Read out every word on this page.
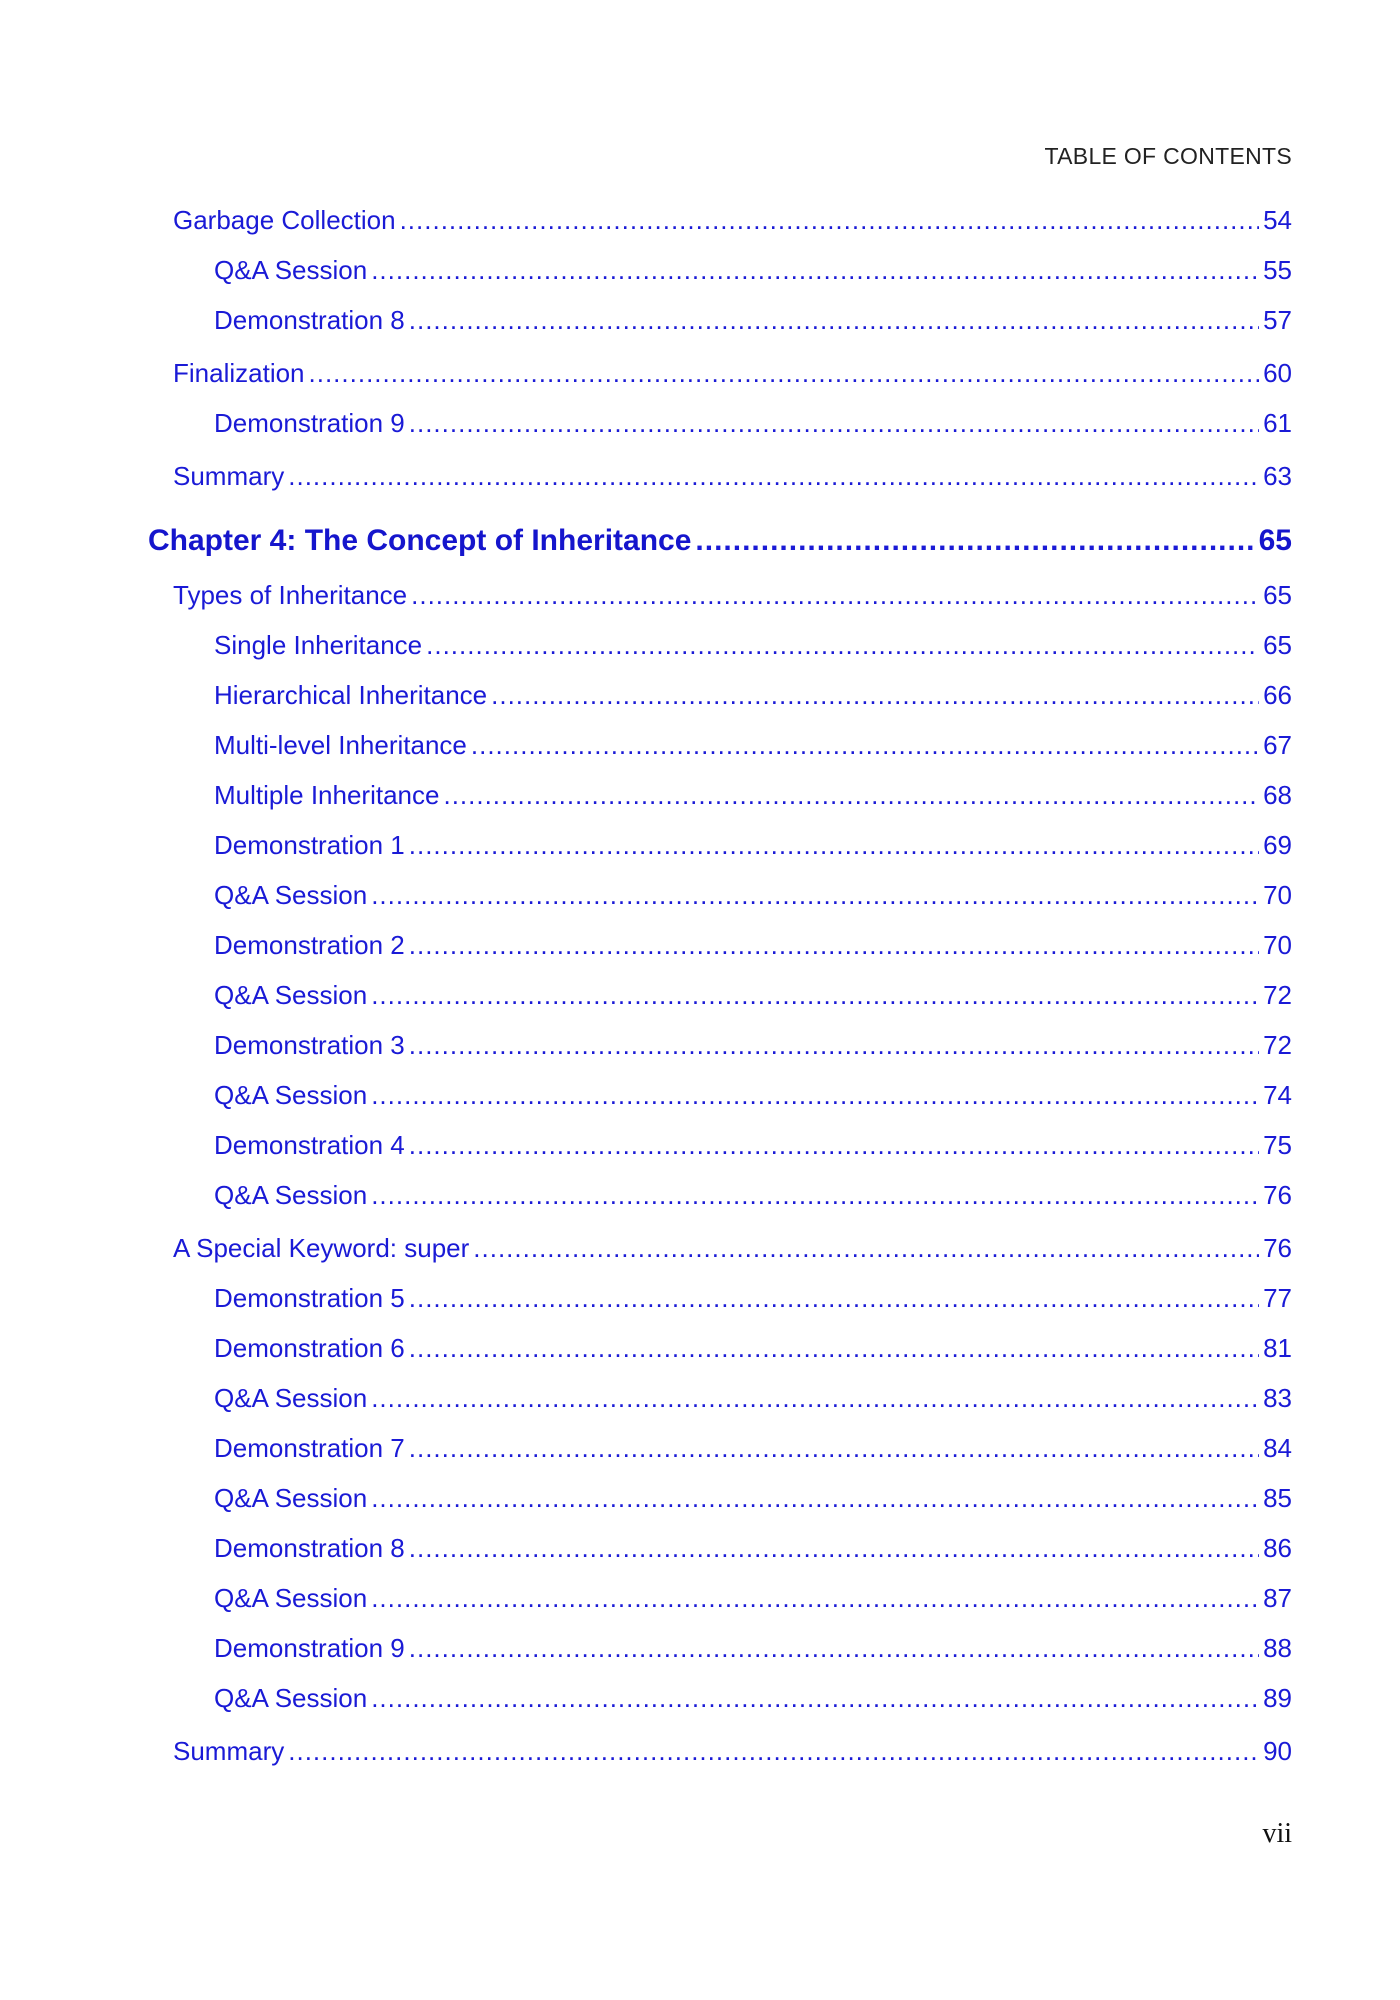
TABLE OF CONTENTS
Garbage Collection .....	54
Q&A Session .....	55
Demonstration 8 .....	57
Finalization .....	60
Demonstration 9 .....	61
Summary .....	63
Chapter 4: The Concept of Inheritance .....	65
Types of Inheritance .....	65
Single Inheritance .....	65
Hierarchical Inheritance .....	66
Multi-level Inheritance .....	67
Multiple Inheritance .....	68
Demonstration 1 .....	69
Q&A Session .....	70
Demonstration 2 .....	70
Q&A Session .....	72
Demonstration 3 .....	72
Q&A Session .....	74
Demonstration 4 .....	75
Q&A Session .....	76
A Special Keyword: super .....	76
Demonstration 5 .....	77
Demonstration 6 .....	81
Q&A Session .....	83
Demonstration 7 .....	84
Q&A Session .....	85
Demonstration 8 .....	86
Q&A Session .....	87
Demonstration 9 .....	88
Q&A Session .....	89
Summary .....	90
vii
